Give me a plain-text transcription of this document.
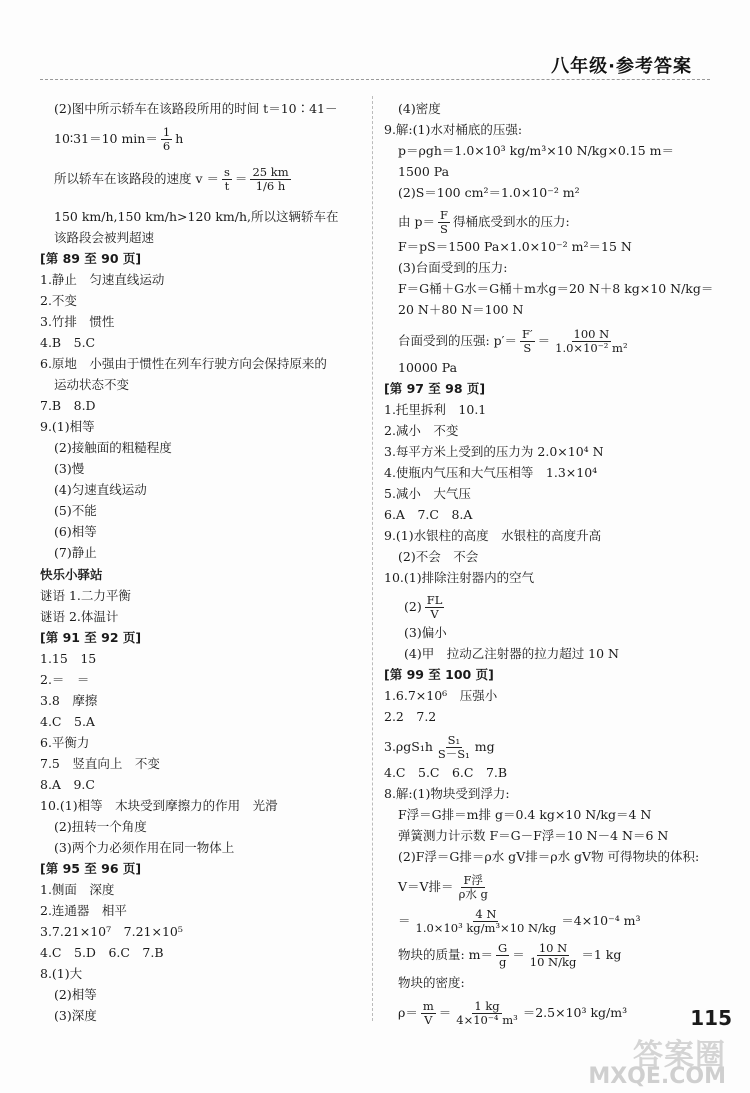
八年级·参考答案
(2)图中所示轿车在该路段所用的时间 t＝10∶41－
10∶31＝10 $\min= \frac{1}{6}$ h
所以轿车在该路段的速度 $v = \frac{s}{t} = \frac{25 km}{1/6 h}$
150 km/h,150 km/h>120 km/h,所以这辆轿车在
该路段会被判超速
[第 89 至 90 页]
1.静止　匀速直线运动
2.不变
3.竹排　惯性
4.B　5.C
6.原地　小强由于惯性在列车行驶方向会保持原来的
运动状态不变
7.B　8.D
9.(1)相等
(2)接触面的粗糙程度
(3)慢
(4)匀速直线运动
(5)不能
(6)相等
(7)静止
快乐小驿站
谜语 1.二力平衡
谜语 2.体温计
[第 91 至 92 页]
1.15　15
2.＝　＝
3.8　摩擦
4.C　5.A
6.平衡力
7.5　竖直向上　不变
8.A　9.C
10.(1)相等　木块受到摩擦力的作用　光滑
(2)扭转一个角度
(3)两个力必须作用在同一物体上
[第 95 至 96 页]
1.侧面　深度
2.连通器　相平
3.7.21×10⁷　7.21×10⁵
4.C　5.D　6.C　7.B
8.(1)大
(2)相等
(3)深度
(4)密度
9.解:(1)水对桶底的压强:
p＝ρgh＝1.0×10³ kg/m³×10 N/kg×0.15 m＝
1500 Pa
(2)S＝100 cm²＝1.0×10⁻² m²
由 $p= \frac{F}{S}$ 得桶底受到水的压力:
F＝pS＝1500 Pa×1.0×10⁻² m²＝15 N
(3)台面受到的压力:
F＝G桶＋G水＝G桶＋m水g＝20 N＋8 kg×10 N/kg＝
20 N＋80 N＝100 N
台面受到的压强: $p'= \frac{F'}{S} = \frac{100 N}{\text{1.0×10⁻² m²}}$
10000 Pa
[第 97 至 98 页]
1.托里拆利　10.1
2.减小　不变
3.每平方米上受到的压力为 2.0×10⁴ N
4.使瓶内气压和大气压相等　1.3×10⁴
5.减小　大气压
6.A　7.C　8.A
9.(1)水银柱的高度　水银柱的高度升高
(2)不会　不会
10.(1)排除注射器内的空气
$(2) \frac{FL}{V}$
(3)偏小
(4)甲　拉动乙注射器的拉力超过 10 N
[第 99 至 100 页]
1.6.7×10⁶　压强小
2.2　7.2
$3.\rho gS_1h \frac{\text{S₁}}{\text{S－S₁}}$ mg
4.C　5.C　6.C　7.B
8.解:(1)物块受到浮力:
F浮＝G排＝m排 g＝0.4 kg×10 N/kg＝4 N
弹簧测力计示数 F＝G－F浮＝10 N－4 N＝6 N
(2)F浮＝G排＝ρ水 gV排＝ρ水 gV物 可得物块的体积:
V＝V排＝ F浮
ρ水 g
＝ $\frac{4 N}{\text{1.0×10³ kg/m³×10 N/kg}} =4\times 10^{-4}$ m³
物块的质量: $m= \frac{G}{g} = \frac{10 N}{10 N/kg} =1$ kg
物块的密度:
$\rho= \frac{m}{V} = \frac{1 kg}{\text{4×10⁻⁴ m³}} =2.5\times 10^3$ kg/m³	115
答案圈
MXQE.COM
